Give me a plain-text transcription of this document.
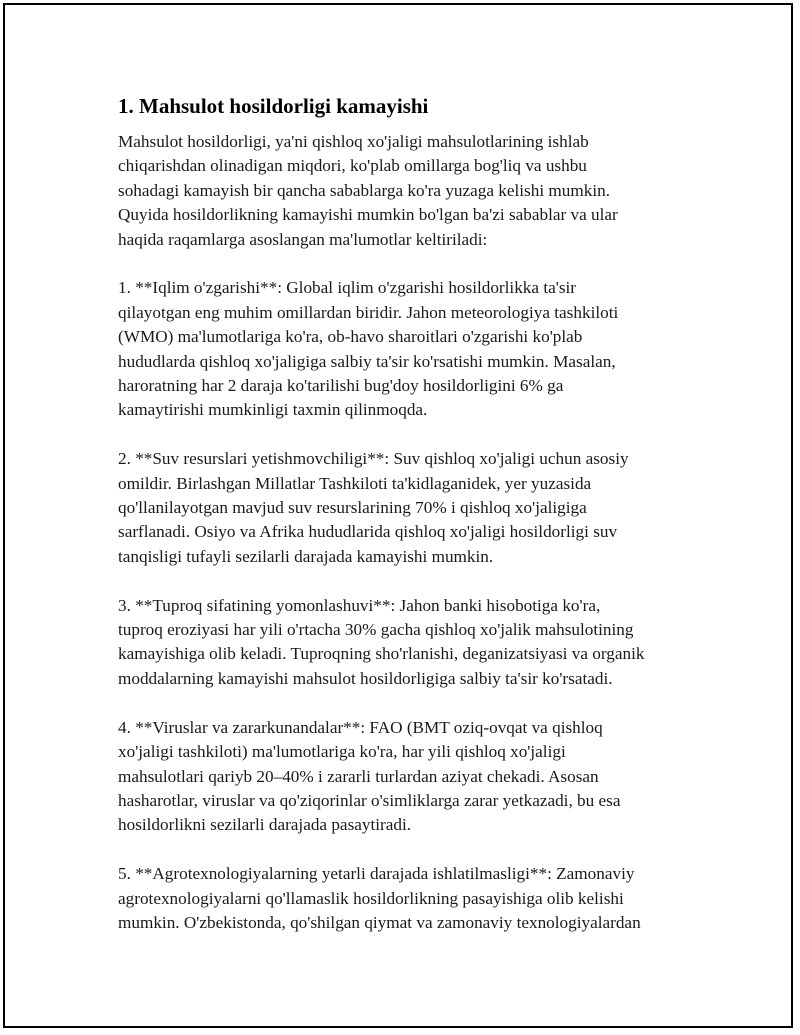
1. Mahsulot hosildorligi kamayishi
Mahsulot hosildorligi, ya'ni qishloq xo'jaligi mahsulotlarining ishlab
chiqarishdan olinadigan miqdori, ko'plab omillarga bog'liq va ushbu
sohadagi kamayish bir qancha sabablarga ko'ra yuzaga kelishi mumkin.
Quyida hosildorlikning kamayishi mumkin bo'lgan ba'zi sabablar va ular
haqida raqamlarga asoslangan ma'lumotlar keltiriladi:
1. **Iqlim o'zgarishi**: Global iqlim o'zgarishi hosildorlikka ta'sir
qilayotgan eng muhim omillardan biridir. Jahon meteorologiya tashkiloti
(WMO) ma'lumotlariga ko'ra, ob-havo sharoitlari o'zgarishi ko'plab
hududlarda qishloq xo'jaligiga salbiy ta'sir ko'rsatishi mumkin. Masalan,
haroratning har 2 daraja ko'tarilishi bug'doy hosildorligini 6% ga
kamaytirishi mumkinligi taxmin qilinmoqda.
2. **Suv resurslari yetishmovchiligi**: Suv qishloq xo'jaligi uchun asosiy
omildir. Birlashgan Millatlar Tashkiloti ta'kidlaganidek, yer yuzasida
qo'llanilayotgan mavjud suv resurslarining 70% i qishloq xo'jaligiga
sarflanadi. Osiyo va Afrika hududlarida qishloq xo'jaligi hosildorligi suv
tanqisligi tufayli sezilarli darajada kamayishi mumkin.
3. **Tuproq sifatining yomonlashuvi**: Jahon banki hisobotiga ko'ra,
tuproq eroziyasi har yili o'rtacha 30% gacha qishloq xo'jalik mahsulotining
kamayishiga olib keladi. Tuproqning sho'rlanishi, deganizatsiyasi va organik
moddalarning kamayishi mahsulot hosildorligiga salbiy ta'sir ko'rsatadi.
4. **Viruslar va zararkunandalar**: FAO (BMT oziq-ovqat va qishloq
xo'jaligi tashkiloti) ma'lumotlariga ko'ra, har yili qishloq xo'jaligi
mahsulotlari qariyb 20–40% i zararli turlardan aziyat chekadi. Asosan
hasharotlar, viruslar va qo'ziqorinlar o'simliklarga zarar yetkazadi, bu esa
hosildorlikni sezilarli darajada pasaytiradi.
5. **Agrotexnologiyalarning yetarli darajada ishlatilmasligi**: Zamonaviy
agrotexnologiyalarni qo'llamaslik hosildorlikning pasayishiga olib kelishi
mumkin. O'zbekistonda, qo'shilgan qiymat va zamonaviy texnologiyalardan
